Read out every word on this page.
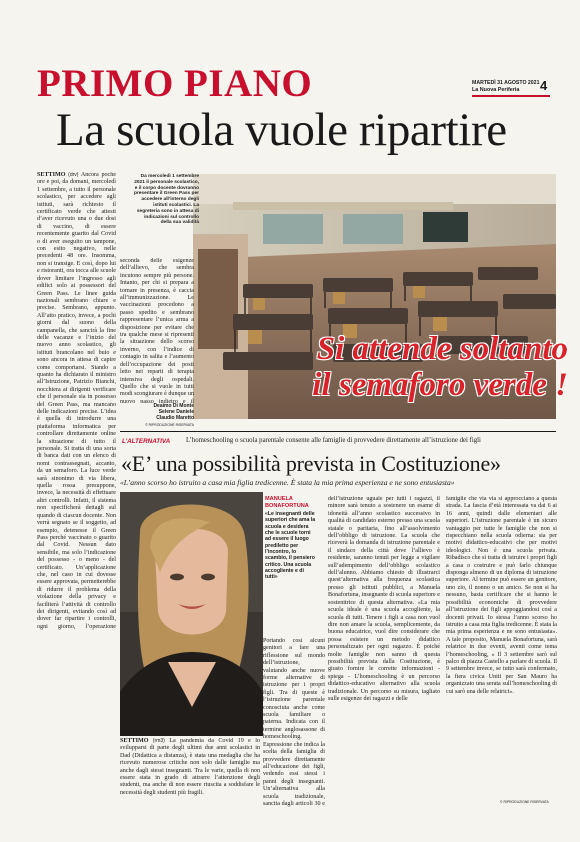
PRIMO PIANO	MARTEDÌ 31 AGOSTO 2021
La Nuova Periferia 4
La scuola vuole ripartire

SETTIMO (drv) Ancora poche ore e poi, da domani, mercoledì 1 settembre, a tutto il personale scolastico, per accedere agli istituti, sarà richiesto il certificato verde che attesti d’aver ricevuto una o due dosi di vaccino, di essere recentemente guarito dal Covid o di aver eseguito un tampone, con esito negativo, nelle precedenti 48 ore. Insomma, non si transige. E così, dopo lui e ristoranti, ora tocca alle scuole dover limitare l’ingresso agli edifici solo ai possessori del Green Pass. Le linee guida nazionali sembrano chiare e precise. Sembrano, appunto. All’atto pratico, invece, a pochi giorni dal suono della campanella, che sancirà la fine delle vacanze e l’inizio del nuovo anno scolastico, gli istituti brancolano nel buio e sono ancora in attesa di capire come comportarsi. Stando a quanto ha dichiarato il ministro all’Istruzione, Patrizio Bianchi, nocchiera ai dirigenti verificare che il personale sia in possesso del Green Pass, ma mancano delle indicazioni precise. L’idea è quella di introdurre una piattaforma informatica per controllare direttamente online la situazione di tutto il personale. Si tratta di una sorta di banca dati con un elenco di nomi contrassegnati, accanto, da un semaforo. La luce verde sarà sinonimo di via libera, quella rossa presuppone, invece, la necessità di effettuare altri controlli. Infatti, il sistema non specificherà dettagli sul quando di ciascun docente. Non verrà segnato se il soggetto, ad esempio, detenesse il Green Pass perché vaccinato o guarito dal Covid. Nessun dato sensibile, ma solo l’indicazione del possesso - o meno - del certificato. Un’applicazione che, nel caso in cui dovesse essere approvata, permetterebbe di ridurre il problema della violazione della privacy e faciliterà l’attività di controllo dei dirigenti, evitando così ad dover far ripartire i controlli, ogni giorno, l’operazione

Da mercoledì 1 settembre 2021 il personale scolastico, e il corpo docente dovranno presentare il Green Pass per accedere all’interno degli istituti scolastici. La segreteria sono in attesa di indicazioni sul controllo della sua validità

seconda delle esigenze dell’allievo, che sembra incutono sempre più persone. Intanto, per chi si prepara a tornare in presenza, è caccia all’immunizzazione. Le vaccinazioni procedono a passo spedito e sembrano rappresentare l’unica arma a disposizione per evitare che tra qualche mese si ripresenti la situazione dello scorso inverno, con l’indice di contagio in salita e l’aumento dell’occupazione dei posti letto nei reparti di terapia intensiva degli ospedali. Quello che si vuole in tutti modi scongiurare è dunque un nuovo passo indietro e il

Deaimo Di Monte
Selene Daniele
Claudio Maretto
© RIPRODUZIONE RISERVATA
Si attende soltanto
il semaforo verde !
L’ALTERNATIVA L’homeschooling o scuola parentale consente alle famiglie di provvedere direttamente all’istruzione dei figli
«E’ una possibilità prevista in Costituzione»
«L’anno scorso ho istruito a casa mia figlia tredicenne. È stata la mia prima esperienza e ne sono entusiasta»
MANUELA BONAFORTUNA
«Le insegnanti delle superiori che ama la scuola e desidera che le scuole torni ad essere il luogo prediletto per l’incontro, lo scambio, il pensiero critico. Una scuola accogliente e di tutti»

SETTIMO (rm3) La pandemia da Covid 19 e lo svilupparsi di parte degli ultimi due anni scolastici in Dad (Didattica a distanza), è stata una medaglia che ha ricevuto numerose critiche non solo dalle famiglie ma anche dagli stessi insegnanti. Tra le varie, quella di non essere stata in grado di attrarre l’attenzione degli studenti, ma anche di non essere riuscita a soddisfare le necessità degli studenti più fragili.

Portando così alcuni genitori a fare una riflessione sul mondo dell’istruzione, valutando anche nuove forme alternative di istruzione per i propri figli. Tra di queste è l’istruzione parentale conosciuta anche come scuola familiare o paterna. Indicata con il termine anglosassone di homeschooling. Espressione che indica la scelta della famiglia di provvedere direttamente all’educazione dei figli, vedendo essi stessi i panni degli insegnanti. Un’alternativa alla scuola tradizionale, sancita dagli articoli 30 e

dell’istruzione uguale per tutti i ragazzi, il minore sarà tenuto a sostenere un esame di idoneità all’anno scolastico successivo in qualità di candidato esterno presso una scuola statale o paritaria, fino all’assolvimento dell’obbligo di istruzione. La scuola che riceverà la domanda di istruzione parentale e il sindaco della città dove l’allievo è residente, saranno tenuti per legge a vigilare sull’adempimento dell’obbligo scolastico dell’alunno. Abbiamo chiesto di illustrarci quest’alternativa alla frequenza scolastica presso gli istituti pubblici, a Manuela Bonafortuna, insegnante di scuola superiore e sostenitrice di questa alternativa. «La mia scuola ideale è una scuola accogliente, la scuola di tutti. Tenere i figli a casa non vuol dire non amare la scuola, semplicemente, da buona educatrice, vuol dire considerare che possa esistere un metodo didattico personalizzato per ogni ragazzo. È poiché molte famiglie non sanno di questa possibilità prevista dalla Costituzione, è giusto fornire le corrette informazioni - spiega - L’homeschooling è un percorso didattico-educativo alternativo alla scuola tradizionale. Un percorso su misura, tagliato sulle esigenze dei ragazzi e delle

famiglie che via via si approcciano a questa strada. La fascia d’età interessata va dai 6 ai 16 anni, quindi dalle elementari alle superiori. L’istruzione parentale è un sicuro vantaggio per tutte le famiglie che non si rispecchiano nella scuola odierna: sia per motivi didattico-educativi che per motivi ideologici. Non è una scuola privata. Ribadisco che si tratta di istruire i propri figli a casa o costruire e può farlo chiunque disponga almeno di un diploma di istruzione superiore. Al termine può essere un genitore, uno zio, il nonno o un amico. Se non si ha nessuno, basta certificare che si hanno le possibilità economiche di provvedere all’istruzione dei figli appoggiandosi così a docenti privati. Io stessa l’anno scorso ho istruito a casa mia figlia tredicenne. È stata la mia prima esperienza e ne sono entusiasta». A tale proposito, Manuela Bonafortuna, sarà relatrice in due eventi, aventi come tema l’homeschooling, « Il 3 settembre sarò sul palco di piazza Castello a parlare di scuola. Il 9 settembre invece, se tutto sarà confermato, la fiera civica Uniti per San Mauro ha organizzato una serata sull’homeschooling di cui sarò una delle relatrici».

© RIPRODUZIONE RISERVATA
